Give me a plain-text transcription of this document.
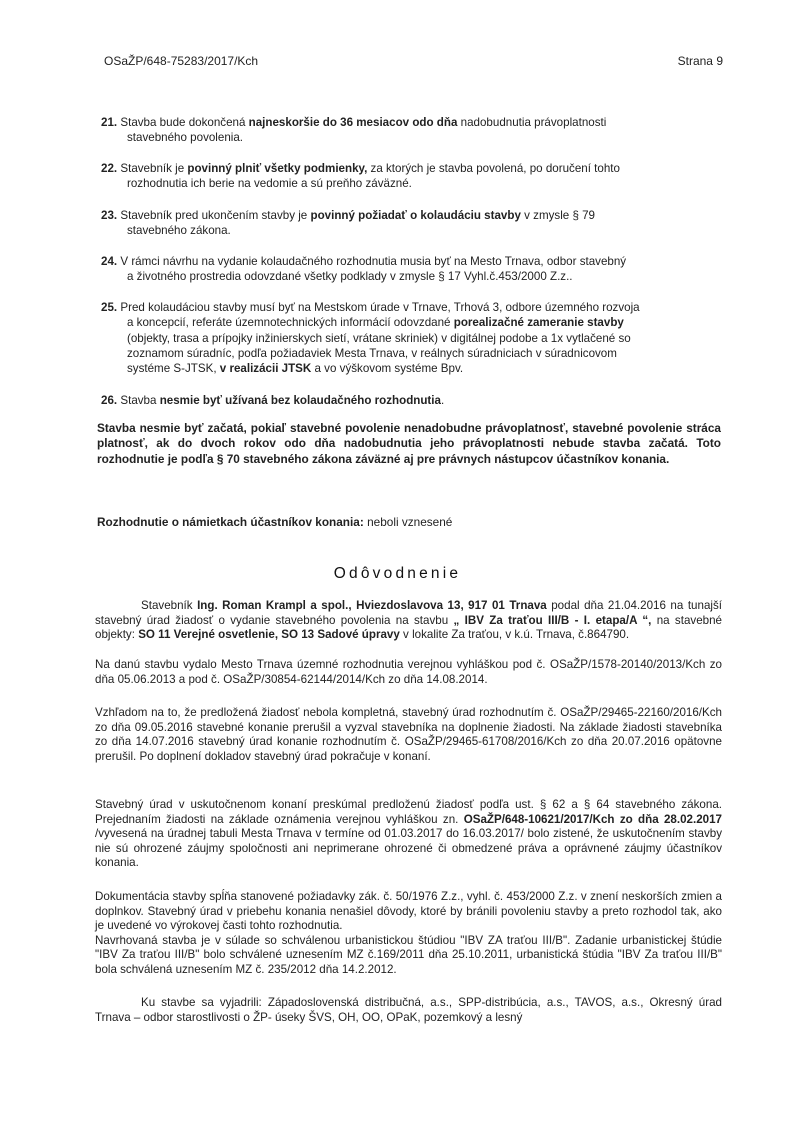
OSaŽP/648-75283/2017/Kch	Strana 9
21. Stavba bude dokončená najneskoršie do 36 mesiacov odo dňa nadobudnutia právoplatnosti
stavebného povolenia.
22. Stavebník je povinný plniť všetky podmienky, za ktorých je stavba povolená, po doručení tohto
rozhodnutia ich berie na vedomie a sú preňho záväzné.
23. Stavebník pred ukončením stavby je povinný požiadať o kolaudáciu stavby v zmysle § 79
stavebného zákona.
24. V rámci návrhu na vydanie kolaudačného rozhodnutia musia byť na Mesto Trnava, odbor stavebný
a životného prostredia odovzdané všetky podklady v zmysle § 17 Vyhl.č.453/2000 Z.z..
25. Pred kolaudáciou stavby musí byť na Mestskom úrade v Trnave, Trhová 3, odbore územného rozvoja
a koncepcií, referáte územnotechnických informácií odovzdané porealizačné zameranie stavby
(objekty, trasa a prípojky inžinierskych sietí, vrátane skriniek) v digitálnej podobe a 1x vytlačené so
zoznamom súradníc, podľa požiadaviek Mesta Trnava, v reálnych súradniciach v súradnicovom
systéme S-JTSK, v realizácii JTSK a vo výškovom systéme Bpv.
26. Stavba nesmie byť užívaná bez kolaudačného rozhodnutia.
Stavba nesmie byť začatá, pokiaľ stavebné povolenie nenadobudne právoplatnosť, stavebné povolenie stráca platnosť, ak do dvoch rokov odo dňa nadobudnutia jeho právoplatnosti nebude stavba začatá. Toto rozhodnutie je podľa § 70 stavebného zákona záväzné aj pre právnych nástupcov účastníkov konania.
Rozhodnutie o námietkach účastníkov konania: neboli vznesené
Odôvodnenie
Stavebník Ing. Roman Krampl a spol., Hviezdoslavova 13, 917 01 Trnava podal dňa 21.04.2016 na tunajší stavebný úrad žiadosť o vydanie stavebného povolenia na stavbu „ IBV Za traťou III/B - I. etapa/A “, na stavebné objekty: SO 11 Verejné osvetlenie, SO 13 Sadové úpravy v lokalite Za traťou, v k.ú. Trnava, č.864790.
Na danú stavbu vydalo Mesto Trnava územné rozhodnutia verejnou vyhláškou pod č. OSaŽP/1578-20140/2013/Kch zo dňa 05.06.2013 a pod č. OSaŽP/30854-62144/2014/Kch zo dňa 14.08.2014.
Vzhľadom na to, že predložená žiadosť nebola kompletná, stavebný úrad rozhodnutím č. OSaŽP/29465-22160/2016/Kch zo dňa 09.05.2016 stavebné konanie prerušil a vyzval stavebníka na doplnenie žiadosti. Na základe žiadosti stavebníka zo dňa 14.07.2016 stavebný úrad konanie rozhodnutím č. OSaŽP/29465-61708/2016/Kch zo dňa 20.07.2016 opätovne prerušil. Po doplnení dokladov stavebný úrad pokračuje v konaní.
Stavebný úrad v uskutočnenom konaní preskúmal predloženú žiadosť podľa ust. § 62 a § 64 stavebného zákona. Prejednaním žiadosti na základe oznámenia verejnou vyhláškou zn. OSaŽP/648-10621/2017/Kch zo dňa 28.02.2017 /vyvesená na úradnej tabuli Mesta Trnava v termíne od 01.03.2017 do 16.03.2017/ bolo zistené, že uskutočnením stavby nie sú ohrozené záujmy spoločnosti ani neprimerane ohrozené či obmedzené práva a oprávnené záujmy účastníkov konania.
Dokumentácia stavby spĺňa stanovené požiadavky zák. č. 50/1976 Z.z., vyhl. č. 453/2000 Z.z. v znení neskorších zmien a doplnkov. Stavebný úrad v priebehu konania nenašiel dôvody, ktoré by bránili povoleniu stavby a preto rozhodol tak, ako je uvedené vo výrokovej časti tohto rozhodnutia.
Navrhovaná stavba je v súlade so schválenou urbanistickou štúdiou "IBV ZA traťou III/B". Zadanie urbanistickej štúdie "IBV Za traťou III/B" bolo schválené uznesením MZ č.169/2011 dňa 25.10.2011, urbanistická štúdia "IBV Za traťou III/B" bola schválená uznesením MZ č. 235/2012 dňa 14.2.2012.
Ku stavbe sa vyjadrili: Západoslovenská distribučná, a.s., SPP-distribúcia, a.s., TAVOS, a.s., Okresný úrad Trnava – odbor starostlivosti o ŽP- úseky ŠVS, OH, OO, OPaK, pozemkový a lesný
